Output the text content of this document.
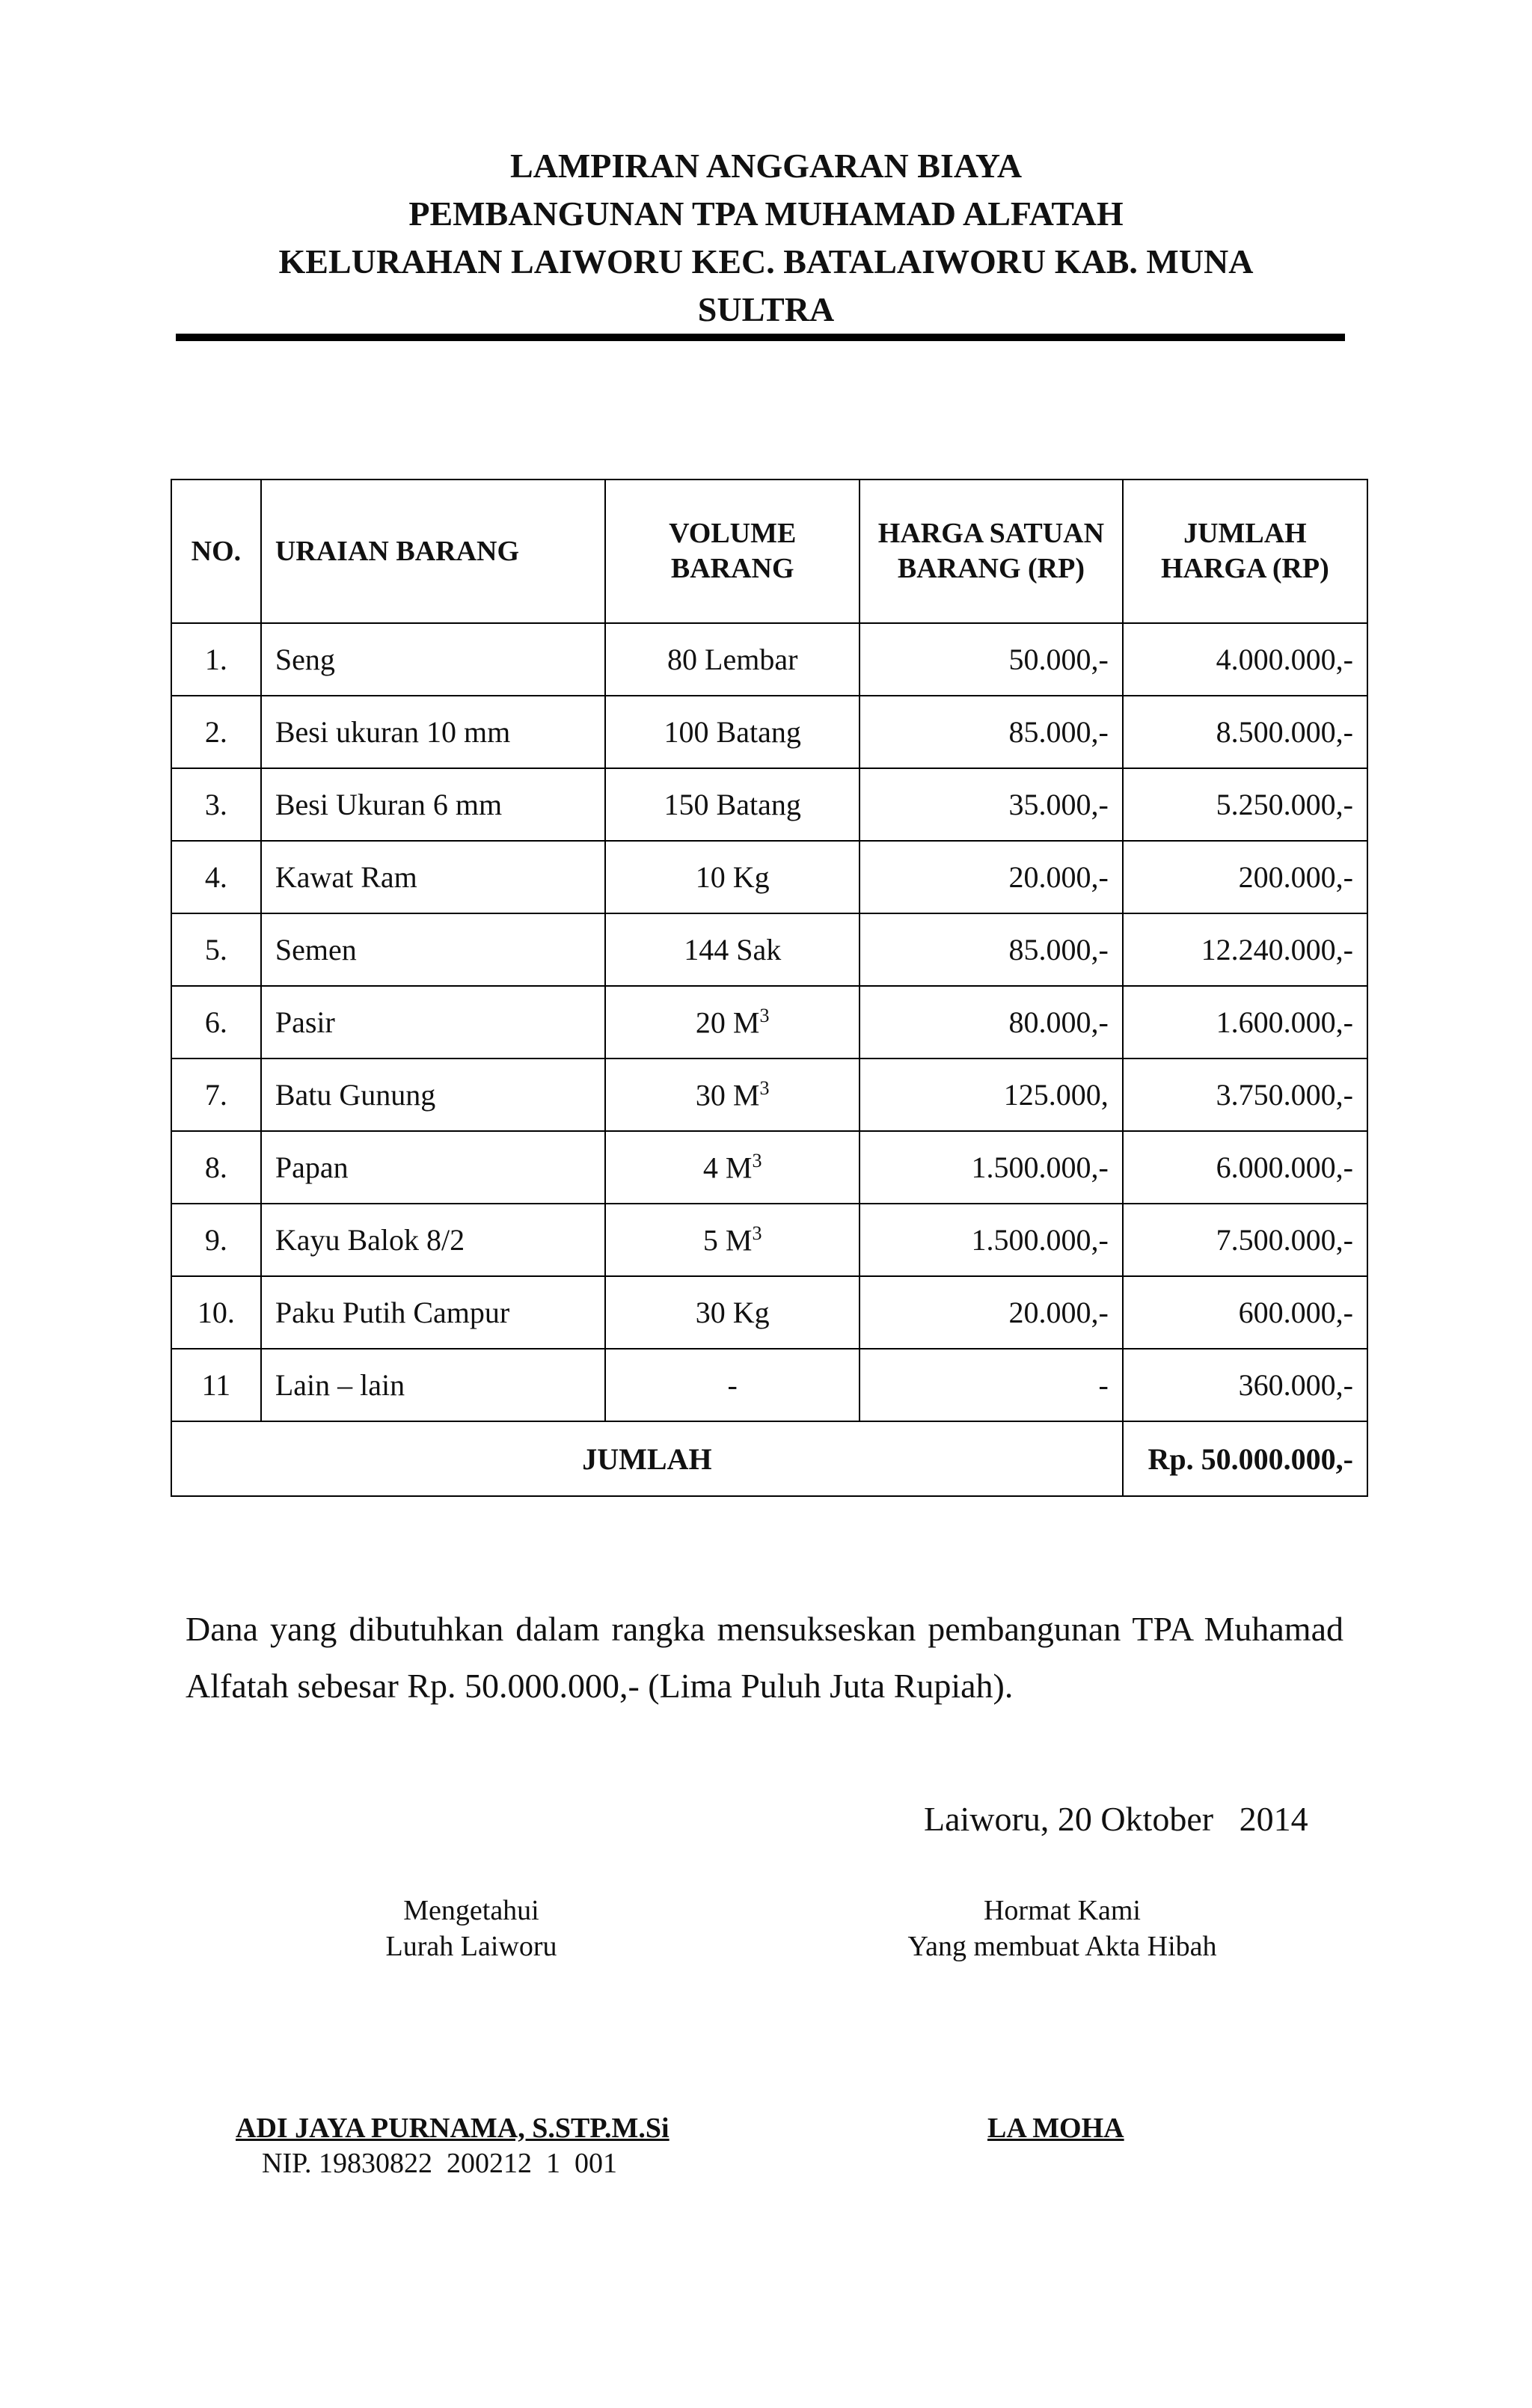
LAMPIRAN ANGGARAN BIAYA
PEMBANGUNAN TPA MUHAMAD ALFATAH
KELURAHAN LAIWORU KEC. BATALAIWORU KAB. MUNA
SULTRA
NO.	URAIAN BARANG	VOLUME BARANG	HARGA SATUAN BARANG (RP)	JUMLAH HARGA (RP)
1.	Seng	80 Lembar	50.000,-	4.000.000,-
2.	Besi ukuran 10 mm	100 Batang	85.000,-	8.500.000,-
3.	Besi Ukuran 6 mm	150 Batang	35.000,-	5.250.000,-
4.	Kawat Ram	10 Kg	20.000,-	200.000,-
5.	Semen	144 Sak	85.000,-	12.240.000,-
6.	Pasir	20 $M^3$	80.000,-	1.600.000,-
7.	Batu Gunung	30 $M^3$	125.000,	3.750.000,-
8.	Papan	4 $M^3$	1.500.000,-	6.000.000,-
9.	Kayu Balok 8/2	5 $M^3$	1.500.000,-	7.500.000,-
10.	Paku Putih Campur	30 Kg	20.000,-	600.000,-
11	Lain – lain	-	-	360.000,-
JUMLAH				Rp. 50.000.000,-
Dana yang dibutuhkan dalam rangka mensukseskan pembangunan TPA Muhamad Alfatah sebesar Rp. 50.000.000,- (Lima Puluh Juta Rupiah).
Laiworu, 20 Oktober   2014
Mengetahui
Lurah Laiworu
Hormat Kami
Yang membuat Akta Hibah
ADI JAYA PURNAMA, S.STP.M.Si
NIP. 19830822  200212  1  001
LA MOHA
